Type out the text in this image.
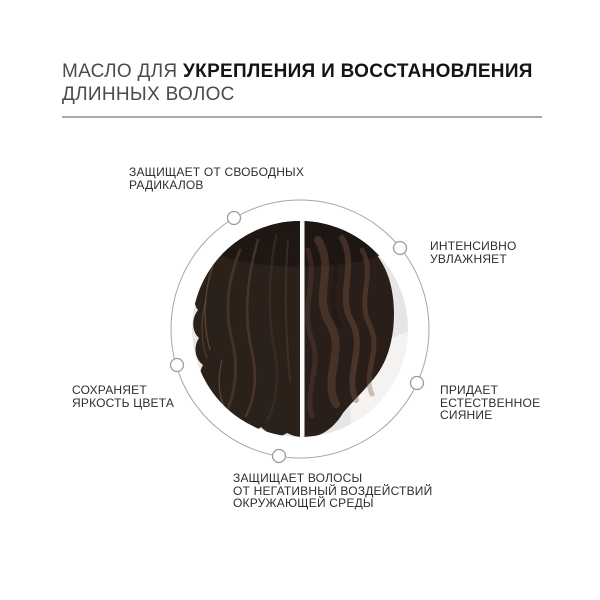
МАСЛО ДЛЯ УКРЕПЛЕНИЯ И ВОССТАНОВЛЕНИЯ
ДЛИННЫХ ВОЛОС
ЗАЩИЩАЕТ ОТ СВОБОДНЫХ
РАДИКАЛОВ
ИНТЕНСИВНО
УВЛАЖНЯЕТ
СОХРАНЯЕТ
ЯРКОСТЬ ЦВЕТА
ПРИДАЕТ
ЕСТЕСТВЕННОЕ
СИЯНИЕ
ЗАЩИЩАЕТ ВОЛОСЫ
ОТ НЕГАТИВНЫЙ ВОЗДЕЙСТВИЙ
ОКРУЖАЮЩЕЙ СРЕДЫ
